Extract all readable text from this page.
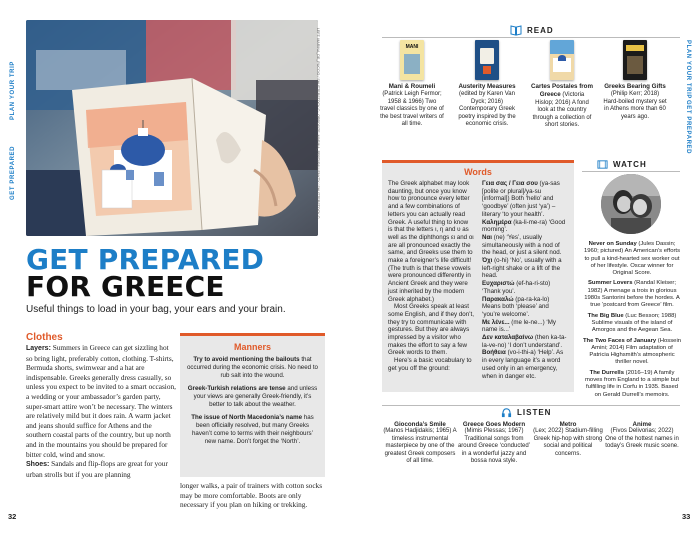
PLAN YOUR TRIP
GET PREPARED
PLAN YOUR TRIP
GET PREPARED
LEFT: MARINA_DE_PUCCIO / SHUTTERSTOCK © ; OPPOSITE: MARINA_PERTI/FALLENKTY / SHUTTERSTOCK ©
GET PREPARED
FOR GREECE
Useful things to load in your bag, your ears and your brain.
Clothes
Layers: Summers in Greece can get sizzling hot so bring light, preferably cotton, clothing. T-shirts, Bermuda shorts, swimwear and a hat are indispensable. Greeks generally dress casually, so unless you expect to be invited to a smart occasion, a wedding or your ambassador’s garden party, super-smart attire won’t be necessary. The winters are relatively mild but it does rain. A warm jacket and jeans should suffice for Athens and the southern coastal parts of the country, but up north and in the mountains you should be prepared for bitter cold, wind and snow.
Shoes: Sandals and flip-flops are great for your urban strolls but if you are planning
longer walks, a pair of trainers with cotton socks may be more comfortable. Boots are only necessary if you plan on hiking or trekking.
Manners

Try to avoid mentioning the bailouts that occurred during the economic crisis. No need to rub salt into the wound.

Greek-Turkish relations are tense and unless your views are generally Greek-friendly, it’s better to talk about the weather.

The issue of North Macedonia’s name has been officially resolved, but many Greeks haven’t come to terms with their neighbours’ new name. Don’t forget the ‘North’.

32	33
READ
MANI
Mani & Roumeli (Patrick Leigh Fermor; 1958 & 1966) Two travel classics by one of the best travel writers of all time.
Austerity Measures (edited by Karen Van Dyck; 2016) Contemporary Greek poetry inspired by the economic crisis.
Cartes Postales from Greece (Victoria Hislop; 2016) A fond look at the country through a collection of short stories.
Greeks Bearing Gifts (Philip Kerr; 2018) Hard-boiled mystery set in Athens more than 60 years ago.
Words

The Greek alphabet may look daunting, but once you know how to pronounce every letter and a few combinations of letters you can actually read Greek. A useful thing to know is that the letters ι, η and υ as well as the diphthongs ει and οι are all pronounced exactly the same, and Greeks use them to make a foreigner’s life difficult! (The truth is that these vowels were pronounced differently in Ancient Greek and they were just inherited by the modern Greek alphabet.)

Most Greeks speak at least some English, and if they don’t, they try to communicate with gestures. But they are always impressed by a visitor who makes the effort to say a few Greek words to them.

Here’s a basic vocabulary to get you off the ground:

Γεια σας / Γεια σου (ya-sas [polite or plural]/ya-su [informal]) Both ‘hello’ and ‘goodbye’ (often just ‘ya’) – literary ‘to your health’.

Καλημέρα (ka-li-me-ra) ‘Good morning’.

Ναι (ne) ‘Yes’, usually simultaneously with a nod of the head, or just a silent nod.

Όχι (o-hi) ‘No’, usually with a left-right shake or a lift of the head.

Ευχαριστώ (ef-ha-ri-sto) ‘Thank you’.

Παρακαλώ (pa-ra-ka-lo) Means both ‘please’ and ‘you’re welcome’.

Με λένε... (me le-ne...) ‘My name is...’

Δεν καταλαβαίνω (then ka-ta-la-ve-no) ‘I don’t understand’.

Βοήθεια (vo-i-thi-a) ‘Help’. As in every language it’s a word used only in an emergency, when in danger etc.

WATCH

Never on Sunday (Jules Dassin; 1960; pictured) An American’s efforts to pull a kind-hearted sex worker out of her lifestyle. Oscar winner for Original Score.

Summer Lovers (Randal Kleiser; 1982) A menage a trois in glorious 1980s Santorini before the hordes. A true ‘postcard from Greece’ film.

The Big Blue (Luc Besson; 1988) Sublime visuals of the island of Amorgos and the Aegean Sea.

The Two Faces of January (Hossein Amini; 2014) Film adaptation of Patricia Highsmith’s atmospheric thriller novel.

The Durrells (2016–19) A family moves from England to a simple but fulfilling life in Corfu in 1935. Based on Gerald Durrell’s memoirs.

LISTEN
Gioconda’s Smile
(Manos Hadjidakis; 1965) A timeless instrumental masterpiece by one of the greatest Greek composers of all time.
Greece Goes Modern
(Mimis Plessas; 1967) Traditional songs from around Greece ‘conducted’ in a wonderful jazzy and bossa nova style.
Metro
(Lex; 2022) Stadium-filling Greek hip-hop with strong social and political concerns.
Anime
(Fivos Delivorias; 2022) One of the hottest names in today’s Greek music scene.
